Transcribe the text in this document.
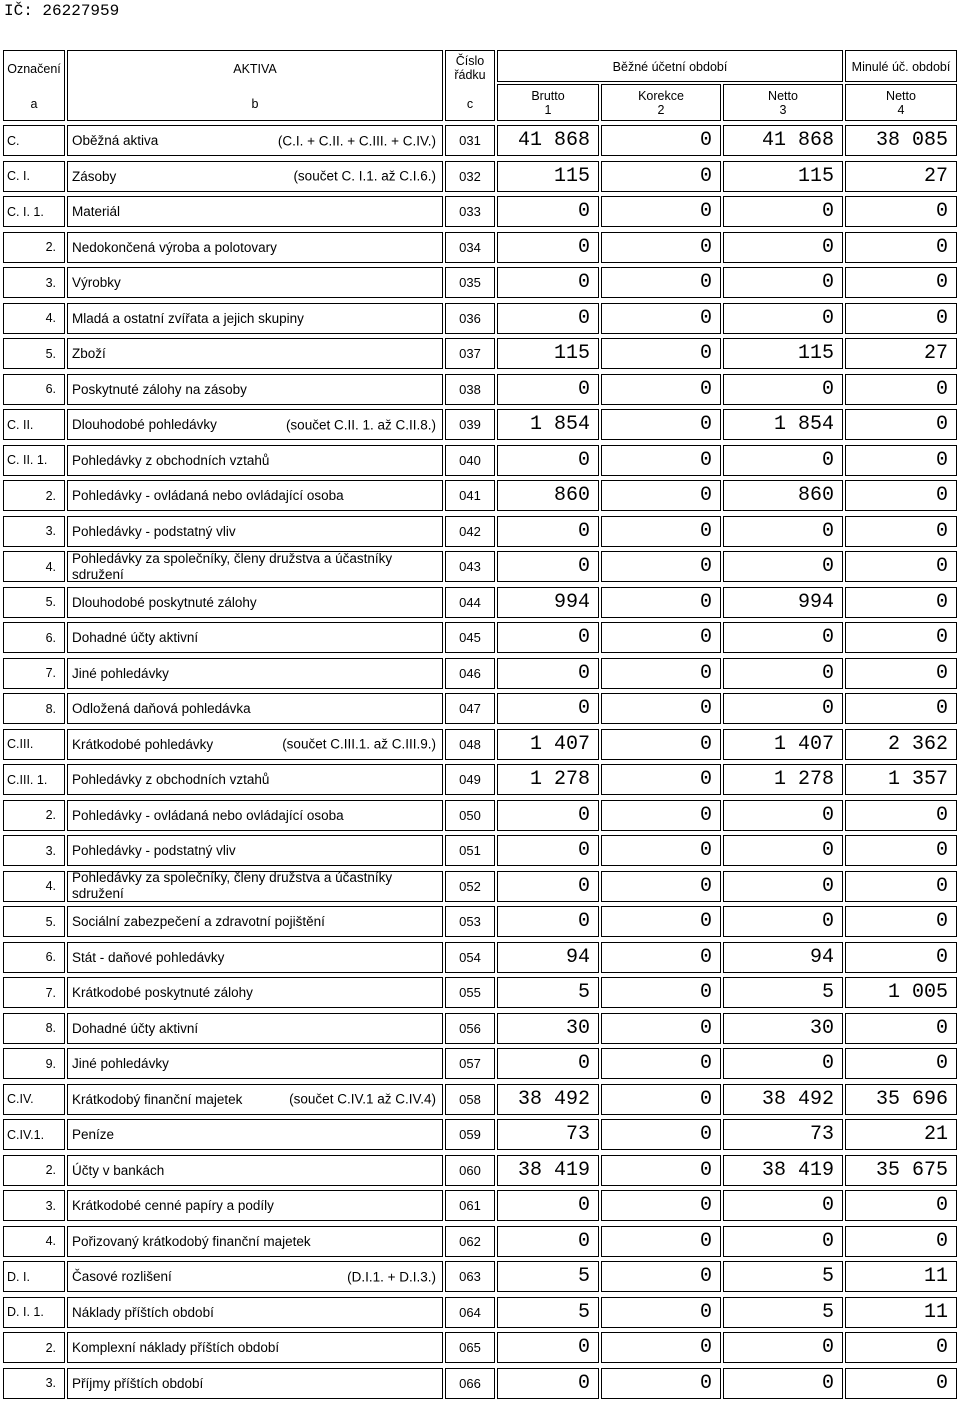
IČ: 26227959
Označení
a
AKTIVA
b
Číslo
řádku
c
Běžné účetní období	Minulé úč. období
Brutto
1
Korekce
2
Netto
3
Netto
4
C.	Oběžná aktiva	(C.I. + C.II. + C.III. + C.IV.)	031	41 868	0	41 868	38 085
C. I.	Zásoby	(součet C. I.1. až C.I.6.)	032	115	0	115	27
C. I. 1.	Materiál	033	0	0	0	0
2.	Nedokončená výroba a polotovary	034	0	0	0	0
3.	Výrobky	035	0	0	0	0
4.	Mladá a ostatní zvířata a jejich skupiny	036	0	0	0	0
5.	Zboží	037	115	0	115	27
6.	Poskytnuté zálohy na zásoby	038	0	0	0	0
C. II.	Dlouhodobé pohledávky	(součet C.II. 1. až C.II.8.)	039	1 854	0	1 854	0
C. II. 1.	Pohledávky z obchodních vztahů	040	0	0	0	0
2.	Pohledávky - ovládaná nebo ovládající osoba	041	860	0	860	0
3.	Pohledávky - podstatný vliv	042	0	0	0	0
4.
Pohledávky za společníky, členy družstva a účastníky
sdružení	043	0	0	0	0
5.	Dlouhodobé poskytnuté zálohy	044	994	0	994	0
6.	Dohadné účty aktivní	045	0	0	0	0
7.	Jiné pohledávky	046	0	0	0	0
8.	Odložená daňová pohledávka	047	0	0	0	0
C.III.	Krátkodobé pohledávky	(součet C.III.1. až C.III.9.)	048	1 407	0	1 407	2 362
C.III. 1.	Pohledávky z obchodních vztahů	049	1 278	0	1 278	1 357
2.	Pohledávky - ovládaná nebo ovládající osoba	050	0	0	0	0
3.	Pohledávky - podstatný vliv	051	0	0	0	0
4.
Pohledávky za společníky, členy družstva a účastníky
sdružení	052	0	0	0	0
5.	Sociální zabezpečení a zdravotní pojištění	053	0	0	0	0
6.	Stát - daňové pohledávky	054	94	0	94	0
7.	Krátkodobé poskytnuté zálohy	055	5	0	5	1 005
8.	Dohadné účty aktivní	056	30	0	30	0
9.	Jiné pohledávky	057	0	0	0	0
C.IV.	Krátkodobý finanční majetek	(součet C.IV.1 až C.IV.4)	058	38 492	0	38 492	35 696
C.IV.1.	Peníze	059	73	0	73	21
2.	Účty v bankách	060	38 419	0	38 419	35 675
3.	Krátkodobé cenné papíry a podíly	061	0	0	0	0
4.	Pořizovaný krátkodobý finanční majetek	062	0	0	0	0
D. I.	Časové rozlišení	(D.I.1. + D.I.3.)	063	5	0	5	11
D. I. 1.	Náklady příštích období	064	5	0	5	11
2.	Komplexní náklady příštích období	065	0	0	0	0
3.	Příjmy příštích období	066	0	0	0	0
